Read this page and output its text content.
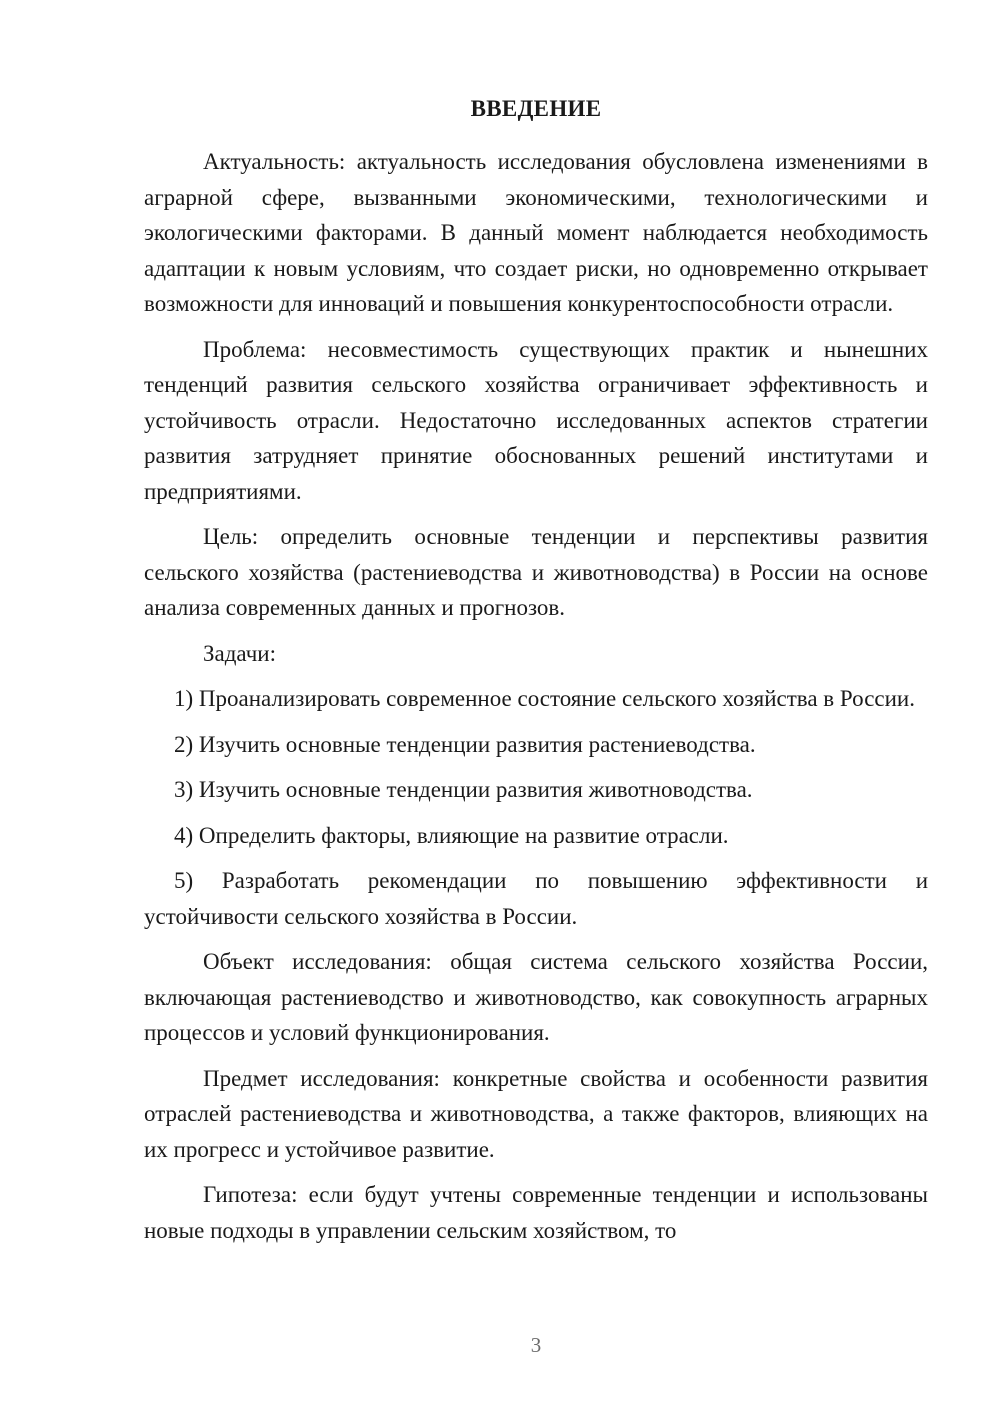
ВВЕДЕНИЕ

Актуальность: актуальность исследования обусловлена изменениями в аграрной сфере, вызванными экономическими, технологическими и экологическими факторами. В данный момент наблюдается необходимость адаптации к новым условиям, что создает риски, но одновременно открывает возможности для инноваций и повышения конкурентоспособности отрасли.

Проблема: несовместимость существующих практик и нынешних тенденций развития сельского хозяйства ограничивает эффективность и устойчивость отрасли. Недостаточно исследованных аспектов стратегии развития затрудняет принятие обоснованных решений институтами и предприятиями.

Цель: определить основные тенденции и перспективы развития сельского хозяйства (растениеводства и животноводства) в России на основе анализа современных данных и прогнозов.

Задачи:

1) Проанализировать современное состояние сельского хозяйства в России.

2) Изучить основные тенденции развития растениеводства.

3) Изучить основные тенденции развития животноводства.

4) Определить факторы, влияющие на развитие отрасли.

5) Разработать рекомендации по повышению эффективности и устойчивости сельского хозяйства в России.

Объект исследования: общая система сельского хозяйства России, включающая растениеводство и животноводство, как совокупность аграрных процессов и условий функционирования.

Предмет исследования: конкретные свойства и особенности развития отраслей растениеводства и животноводства, а также факторов, влияющих на их прогресс и устойчивое развитие.

Гипотеза: если будут учтены современные тенденции и использованы новые подходы в управлении сельским хозяйством, то

3
